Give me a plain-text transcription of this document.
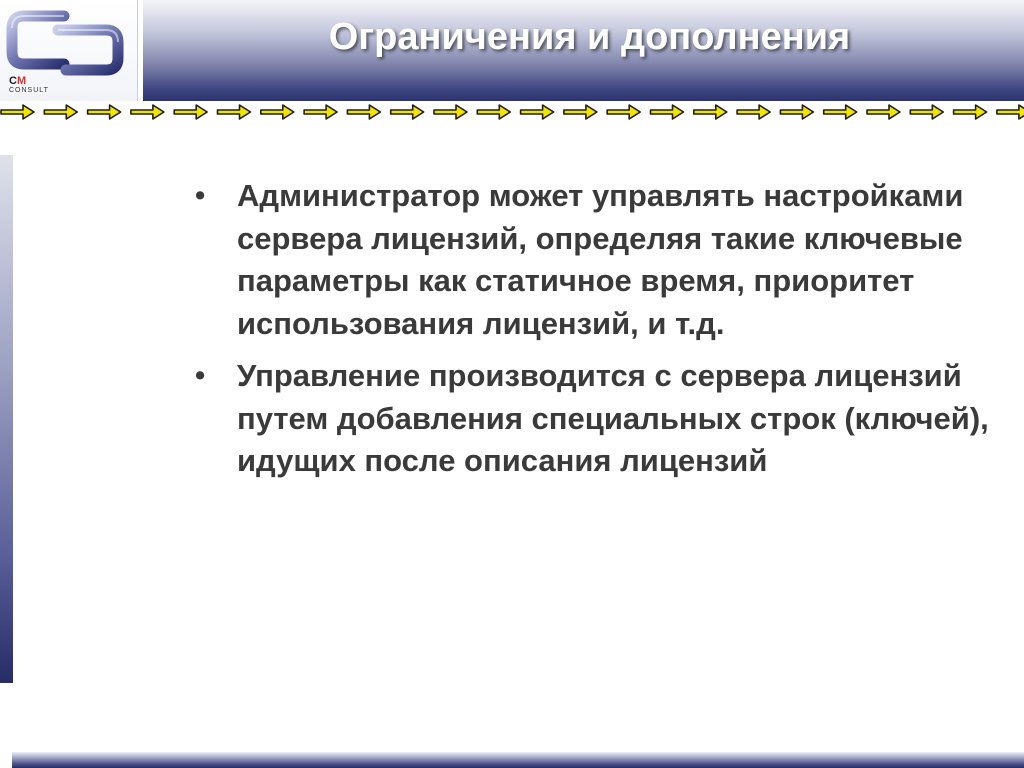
CM
CONSULT
Ограничения и дополнения
• Администратор может управлять настройками сервера лицензий, определяя такие ключевые параметры как статичное время, приоритет использования лицензий, и т.д.
• Управление производится с сервера лицензий путем добавления специальных строк (ключей), идущих после описания лицензий
